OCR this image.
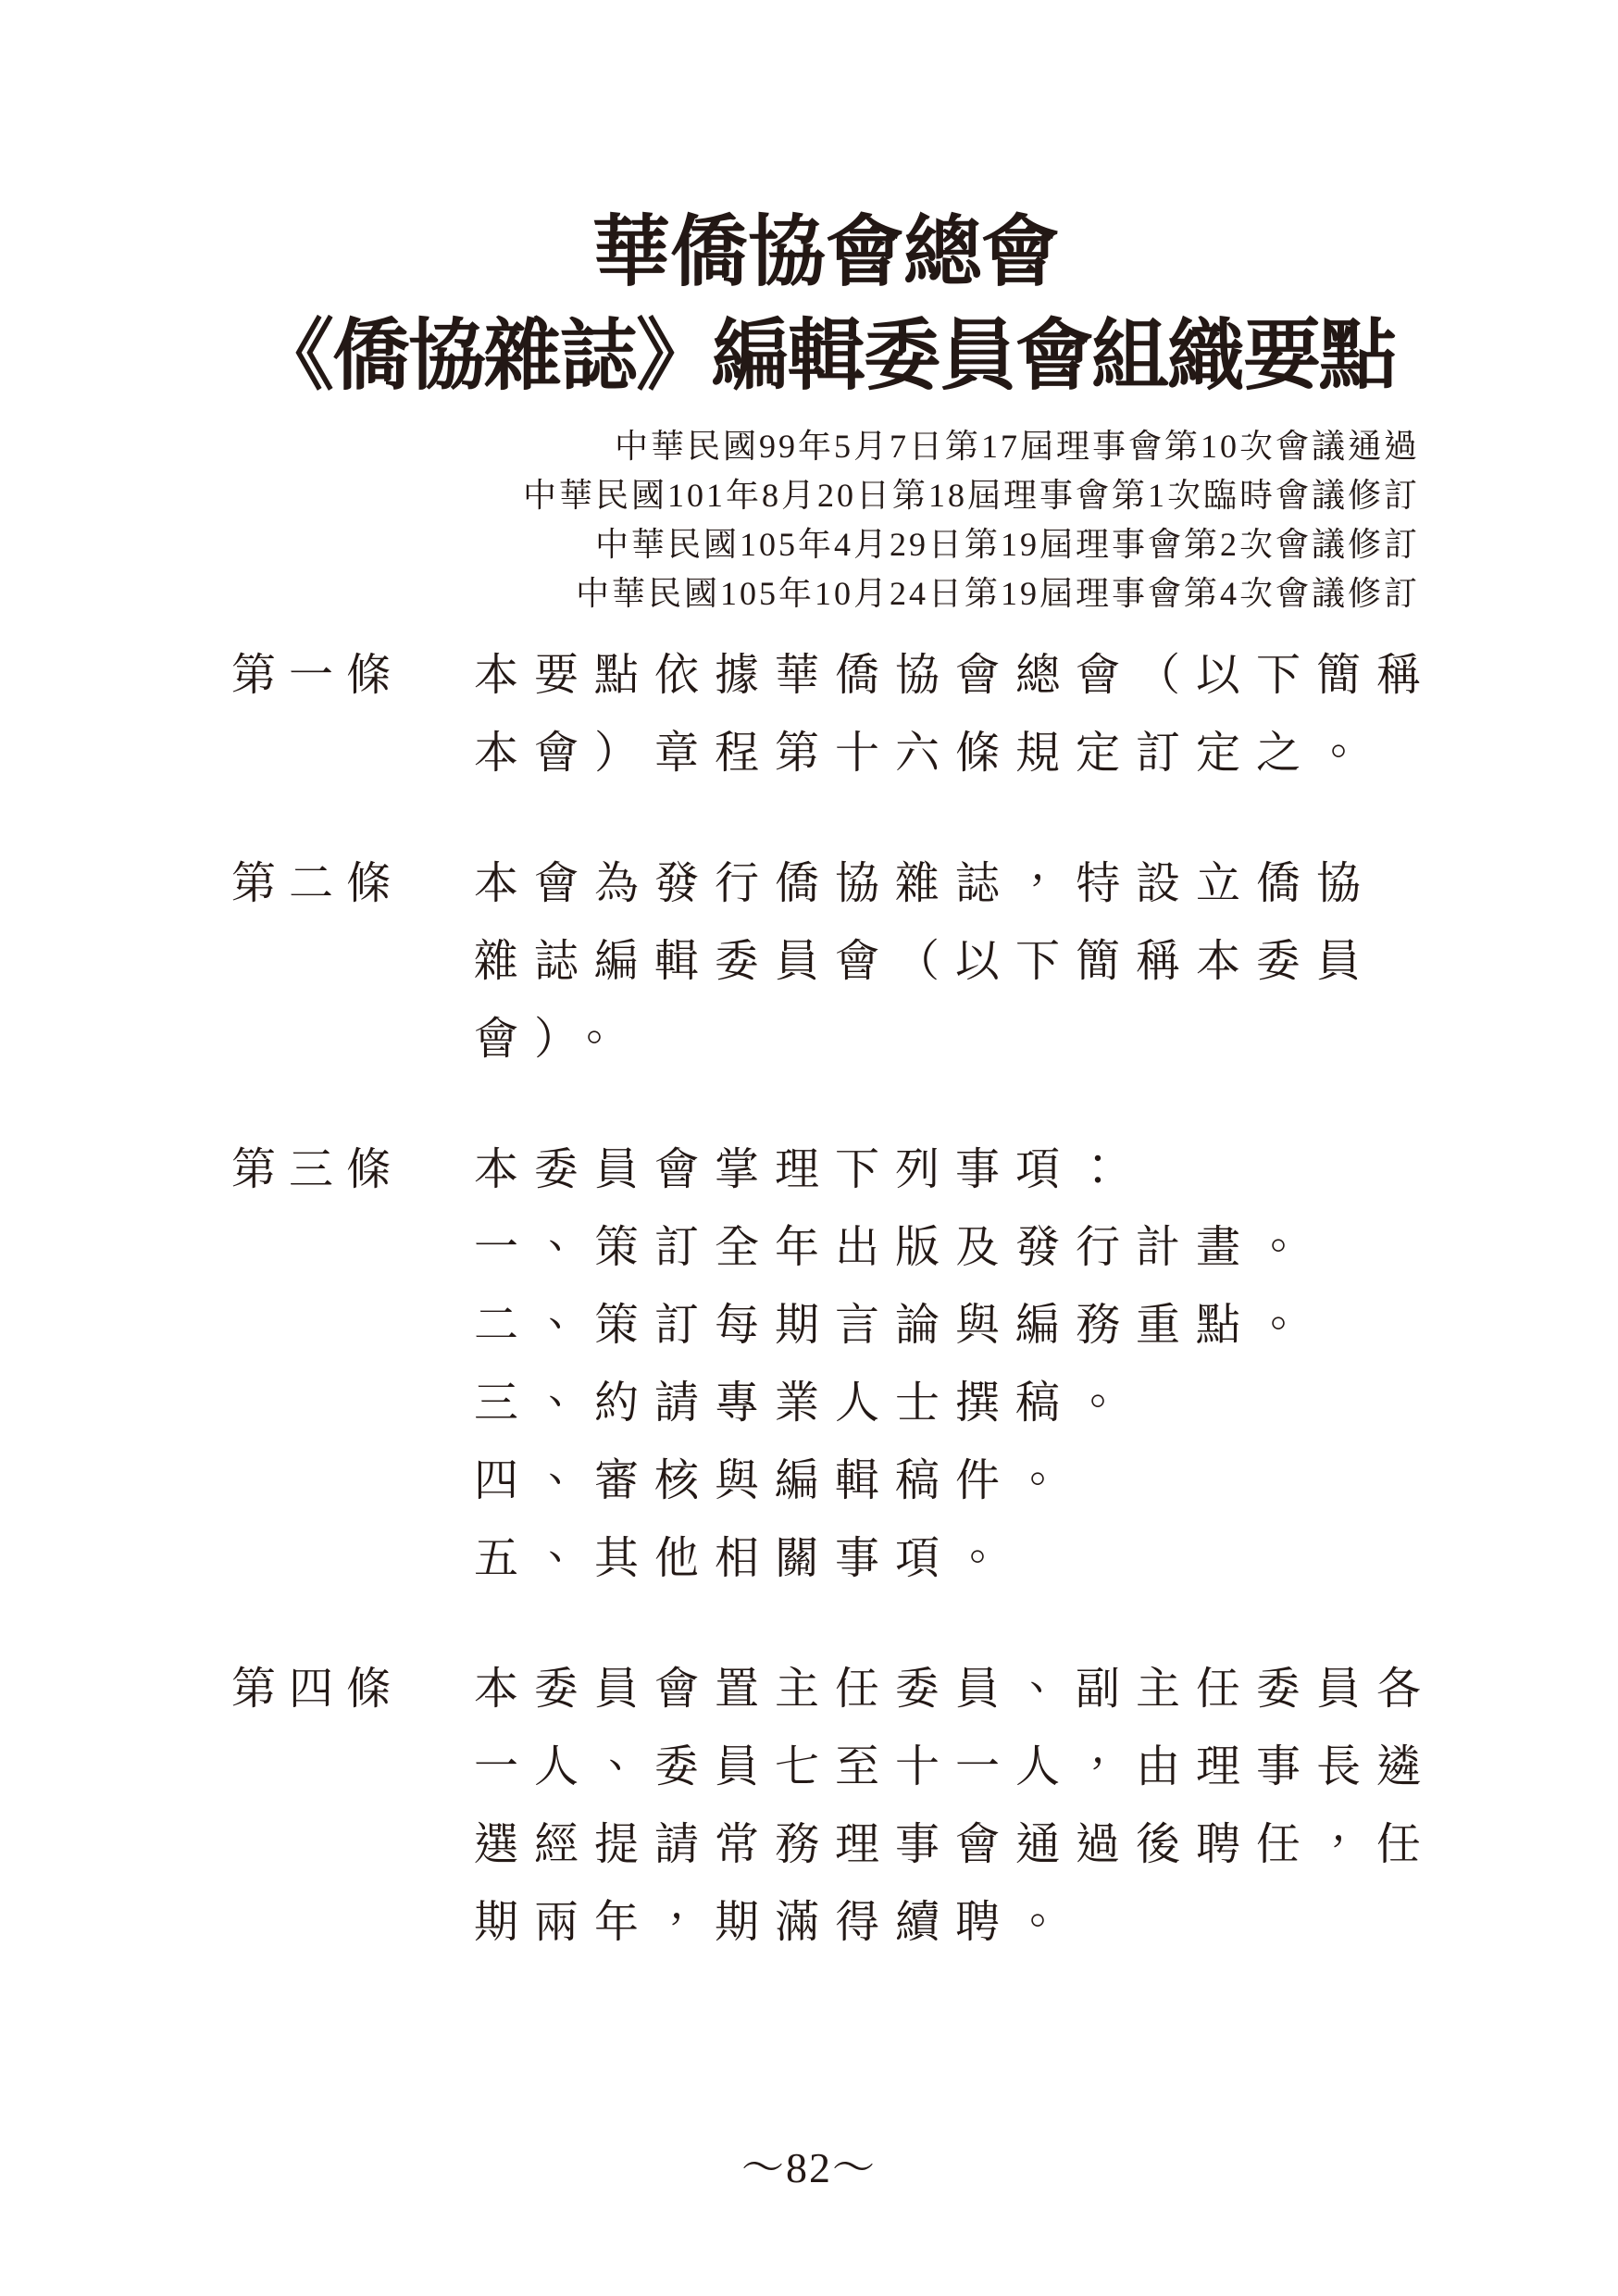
華僑協會總會
《僑協雜誌》編輯委員會組織要點
中華民國99年5月7日第17屆理事會第10次會議通過
中華民國101年8月20日第18屆理事會第1次臨時會議修訂
中華民國105年4月29日第19屆理事會第2次會議修訂
中華民國105年10月24日第19屆理事會第4次會議修訂
第一條	本要點依據華僑協會總會（以下簡稱
本會）章程第十六條規定訂定之。
第二條	本會為發行僑協雜誌，特設立僑協
雜誌編輯委員會（以下簡稱本委員
會）。
第三條	本委員會掌理下列事項：
一、策訂全年出版及發行計畫。
二、策訂每期言論與編務重點。
三、約請專業人士撰稿。
四、審核與編輯稿件。
五、其他相關事項。
第四條	本委員會置主任委員、副主任委員各
一人、委員七至十一人，由理事長遴
選經提請常務理事會通過後聘任，任
期兩年，期滿得續聘。
～82～
